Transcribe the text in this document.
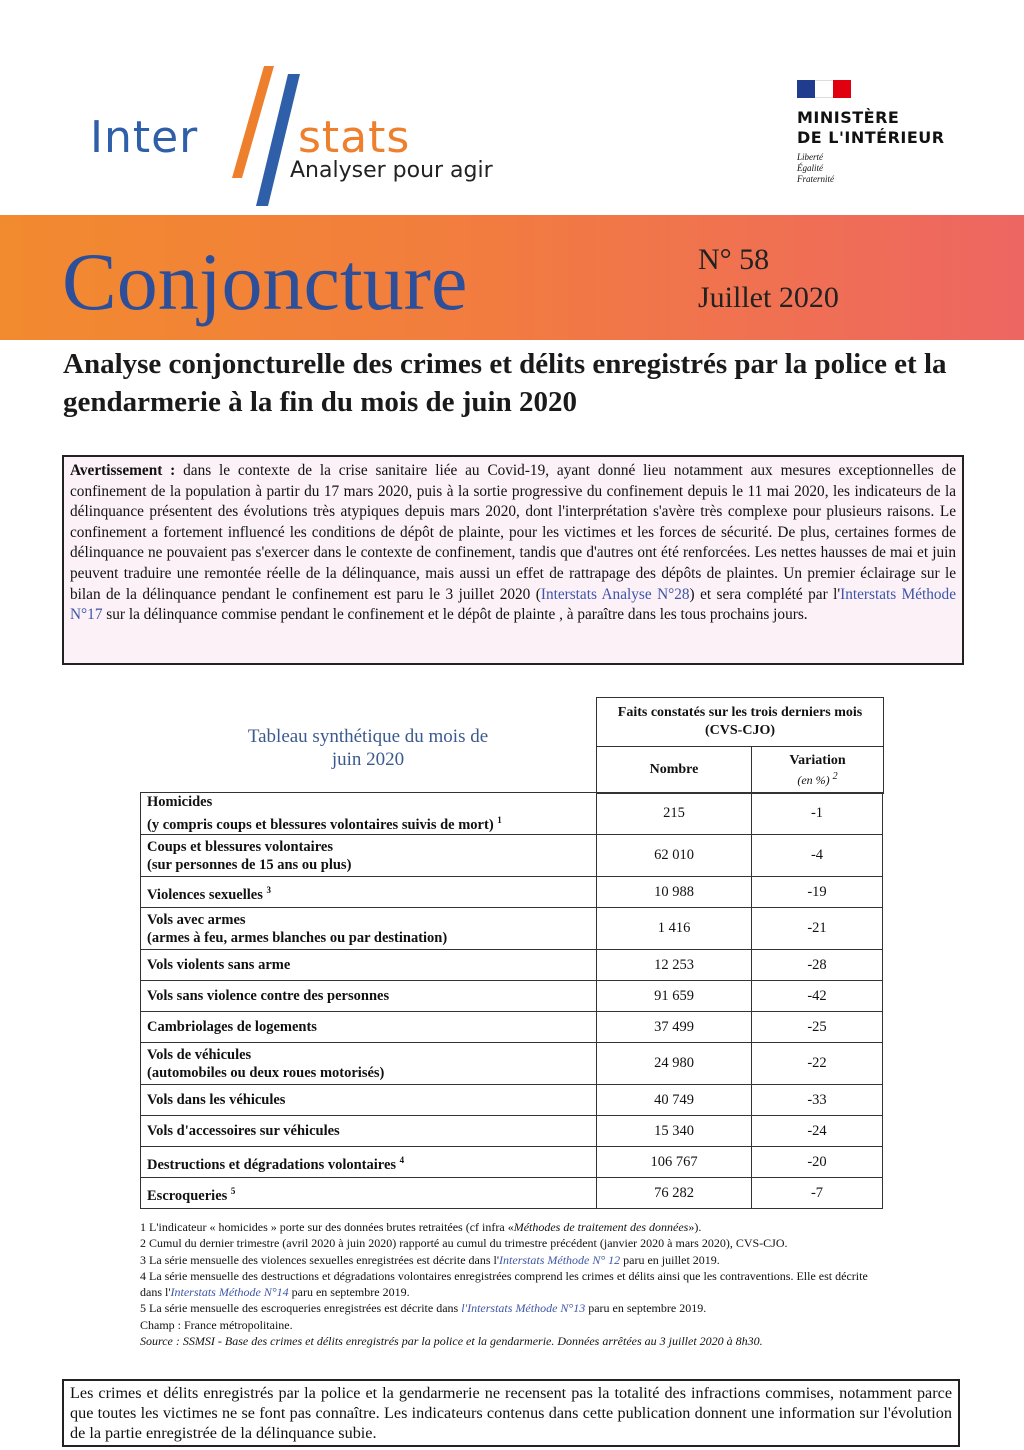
Inter stats
Analyser pour agir
MINISTÈRE
DE L'INTÉRIEUR
Liberté
Égalité
Fraternité
Conjoncture	N° 58
Juillet 2020
Analyse conjoncturelle des crimes et délits enregistrés par la police et la gendarmerie à la fin du mois de juin 2020
Avertissement : dans le contexte de la crise sanitaire liée au Covid-19, ayant donné lieu notamment aux mesures exceptionnelles de confinement de la population à partir du 17 mars 2020, puis à la sortie progressive du confinement depuis le 11 mai 2020, les indicateurs de la délinquance présentent des évolutions très atypiques depuis mars 2020, dont l'interprétation s'avère très complexe pour plusieurs raisons. Le confinement a fortement influencé les conditions de dépôt de plainte, pour les victimes et les forces de sécurité. De plus, certaines formes de délinquance ne pouvaient pas s'exercer dans le contexte de confinement, tandis que d'autres ont été renforcées. Les nettes hausses de mai et juin peuvent traduire une remontée réelle de la délinquance, mais aussi un effet de rattrapage des dépôts de plaintes. Un premier éclairage sur le bilan de la délinquance pendant le confinement est paru le 3 juillet 2020 (Interstats Analyse N°28) et sera complété par l'Interstats Méthode N°17 sur la délinquance commise pendant le confinement et le dépôt de plainte , à paraître dans les tous prochains jours.
Tableau synthétique du mois de juin 2020
Faits constatés sur les trois derniers mois (CVS-CJO)
Nombre
Variation
(en %) $^2$
Homicides
(y compris coups et blessures volontaires suivis de mort) $^1$	215	-1
Coups et blessures volontaires
(sur personnes de 15 ans ou plus)	62 010	-4
Violences sexuelles $^3$	10 988	-19
Vols avec armes
(armes à feu, armes blanches ou par destination)	1 416	-21
Vols violents sans arme	12 253	-28
Vols sans violence contre des personnes	91 659	-42
Cambriolages de logements	37 499	-25
Vols de véhicules
(automobiles ou deux roues motorisés)	24 980	-22
Vols dans les véhicules	40 749	-33
Vols d'accessoires sur véhicules	15 340	-24
Destructions et dégradations volontaires $^4$	106 767	-20
Escroqueries $^5$	76 282	-7
1 L'indicateur « homicides » porte sur des données brutes retraitées (cf infra «Méthodes de traitement des données»).
2 Cumul du dernier trimestre (avril 2020 à juin 2020) rapporté au cumul du trimestre précédent (janvier 2020 à mars 2020), CVS-CJO.
3 La série mensuelle des violences sexuelles enregistrées est décrite dans l'Interstats Méthode N° 12 paru en juillet 2019.
4 La série mensuelle des destructions et dégradations volontaires enregistrées comprend les crimes et délits ainsi que les contraventions. Elle est décrite dans l'Interstats Méthode N°14 paru en septembre 2019.
5 La série mensuelle des escroqueries enregistrées est décrite dans l'Interstats Méthode N°13 paru en septembre 2019.
Champ : France métropolitaine.
Source : SSMSI - Base des crimes et délits enregistrés par la police et la gendarmerie. Données arrêtées au 3 juillet 2020 à 8h30.
Les crimes et délits enregistrés par la police et la gendarmerie ne recensent pas la totalité des infractions commises, notamment parce que toutes les victimes ne se font pas connaître. Les indicateurs contenus dans cette publication donnent une information sur l'évolution de la partie enregistrée de la délinquance subie.
